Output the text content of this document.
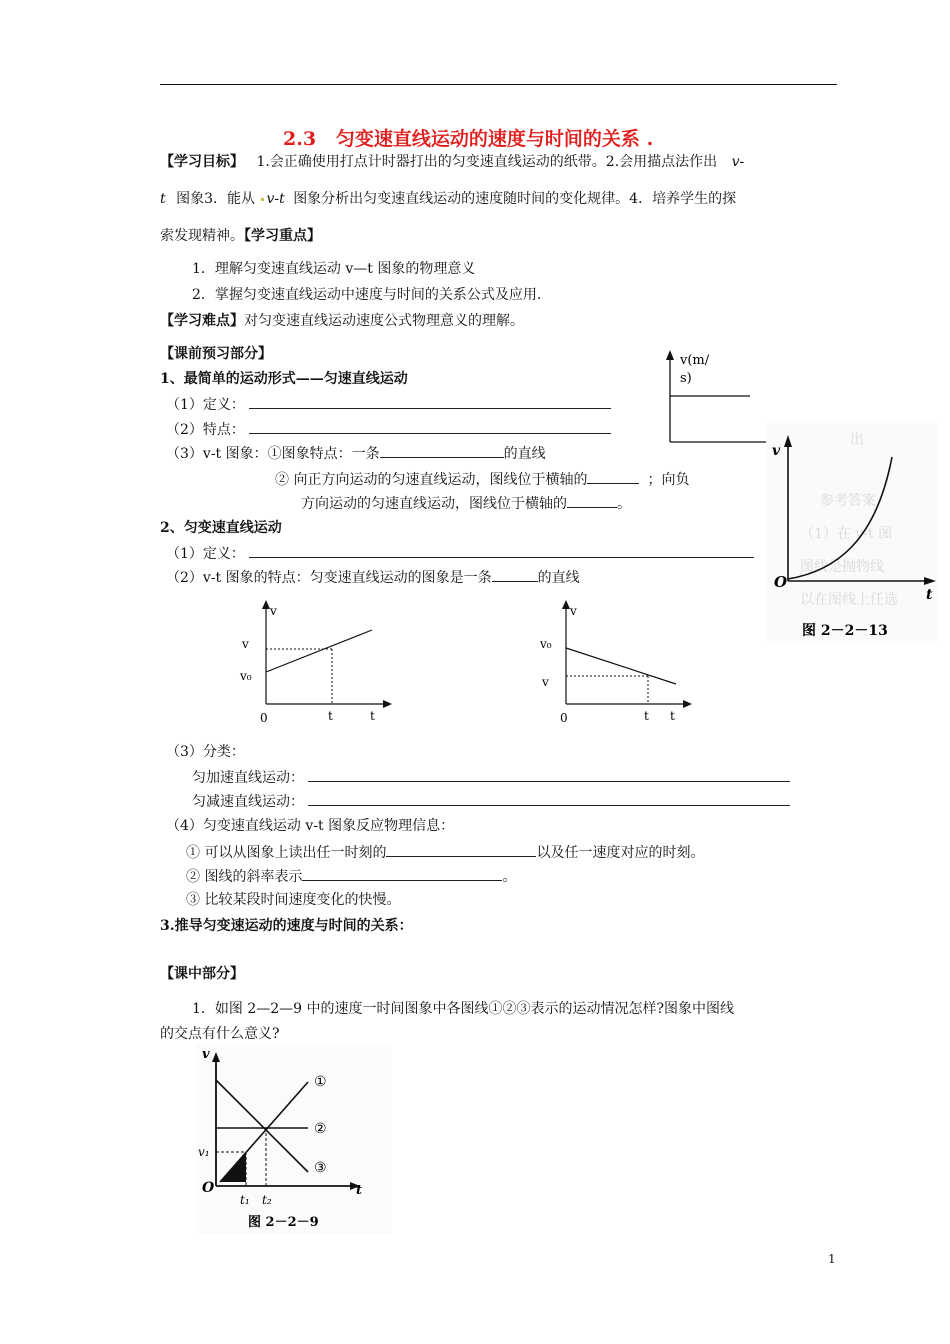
2.3 匀变速直线运动的速度与时间的关系 .
【学习目标】 1.会正确使用打点计时器打出的匀变速直线运动的纸带。2.会用描点法作出 v-
t 图象3．能从 v-t 图象分析出匀变速直线运动的速度随时间的变化规律。4．培养学生的探
索发现精神。【学习重点】
1．理解匀变速直线运动 v—t 图象的物理意义
2．掌握匀变速直线运动中速度与时间的关系公式及应用.
【学习难点】对匀变速直线运动速度公式物理意义的理解。
【课前预习部分】
1、最简单的运动形式——匀速直线运动
（1）定义：
（2）特点：
（3）v-t 图象：①图象特点：一条	的直线
② 向正方向运动的匀速直线运动，图线位于横轴的	；向负
方向运动的匀速直线运动，图线位于横轴的	。
v(m/
s)
出
参考答案
（1）在 v-t 图
图线是抛物线
以在图线上任选
v
t
O
图 2－2－13
2、匀变速直线运动
（1）定义：
（2）v-t 图象的特点：匀变速直线运动的图象是一条	的直线
v
v
v₀
0	t	t
v
v₀
v
0	t t
（3）分类：
匀加速直线运动：
匀减速直线运动：
（4）匀变速直线运动 v-t 图象反应物理信息：
① 可以从图象上读出任一时刻的	以及任一速度对应的时刻。
② 图线的斜率表示	。
③ 比较某段时间速度变化的快慢。
3.推导匀变速运动的速度与时间的关系：
【课中部分】
1．如图 2—2—9 中的速度一时间图象中各图线①②③表示的运动情况怎样?图象中图线
的交点有什么意义?
v
v₁
O
t₁ t₂
t
①
②
③
图 2－2－9
1
